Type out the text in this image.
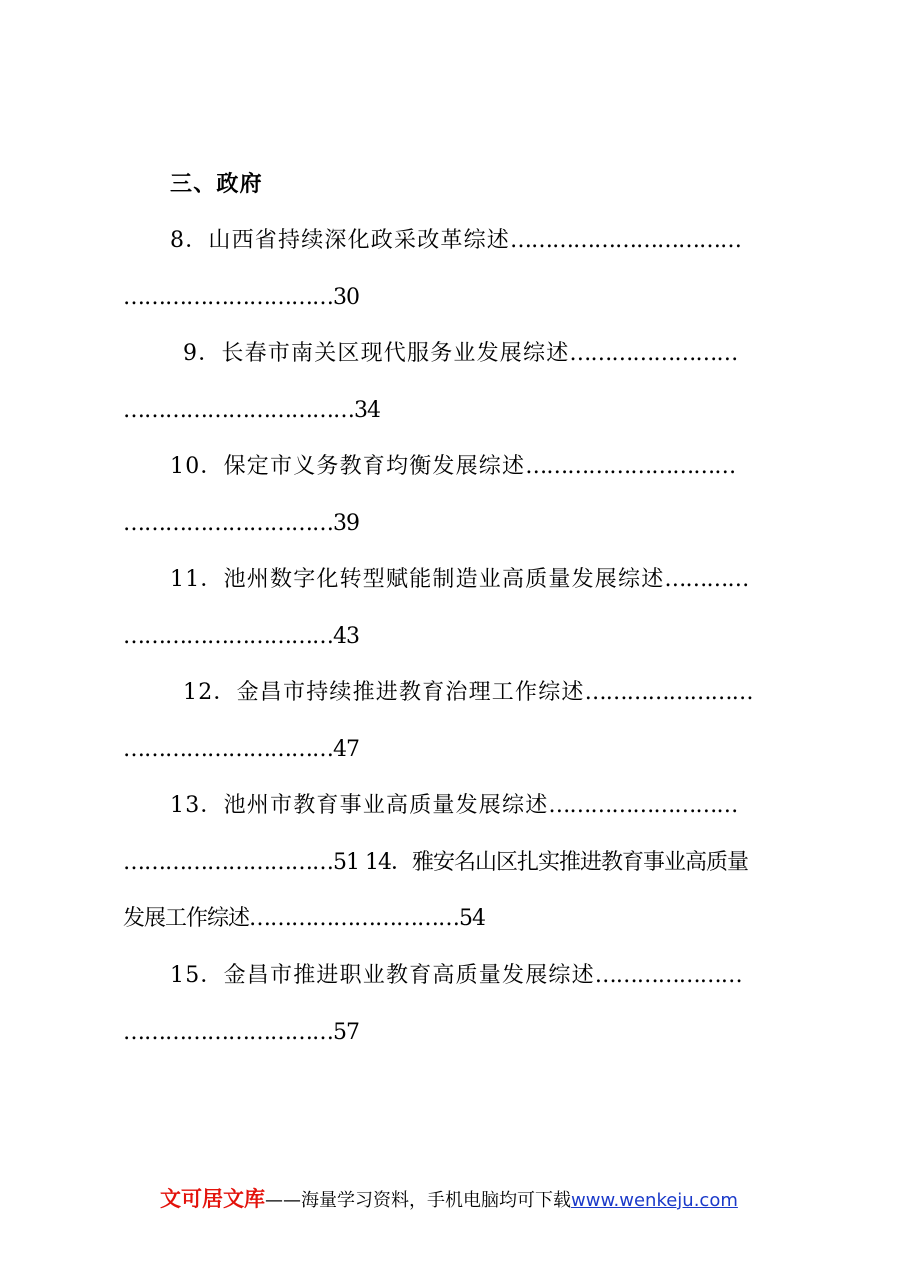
三、政府
8．山西省持续深化政采改革综述……………………………
…………………………30
9．长春市南关区现代服务业发展综述……………………
……………………………34
10．保定市义务教育均衡发展综述…………………………
…………………………39
11．池州数字化转型赋能制造业高质量发展综述…………
…………………………43
12．金昌市持续推进教育治理工作综述……………………
…………………………47
13．池州市教育事业高质量发展综述………………………
…………………………51 14．雅安名山区扎实推进教育事业高质量
发展工作综述…………………………54
15．金昌市推进职业教育高质量发展综述…………………
…………………………57
文可居文库——海量学习资料，手机电脑均可下载www.wenkeju.com
